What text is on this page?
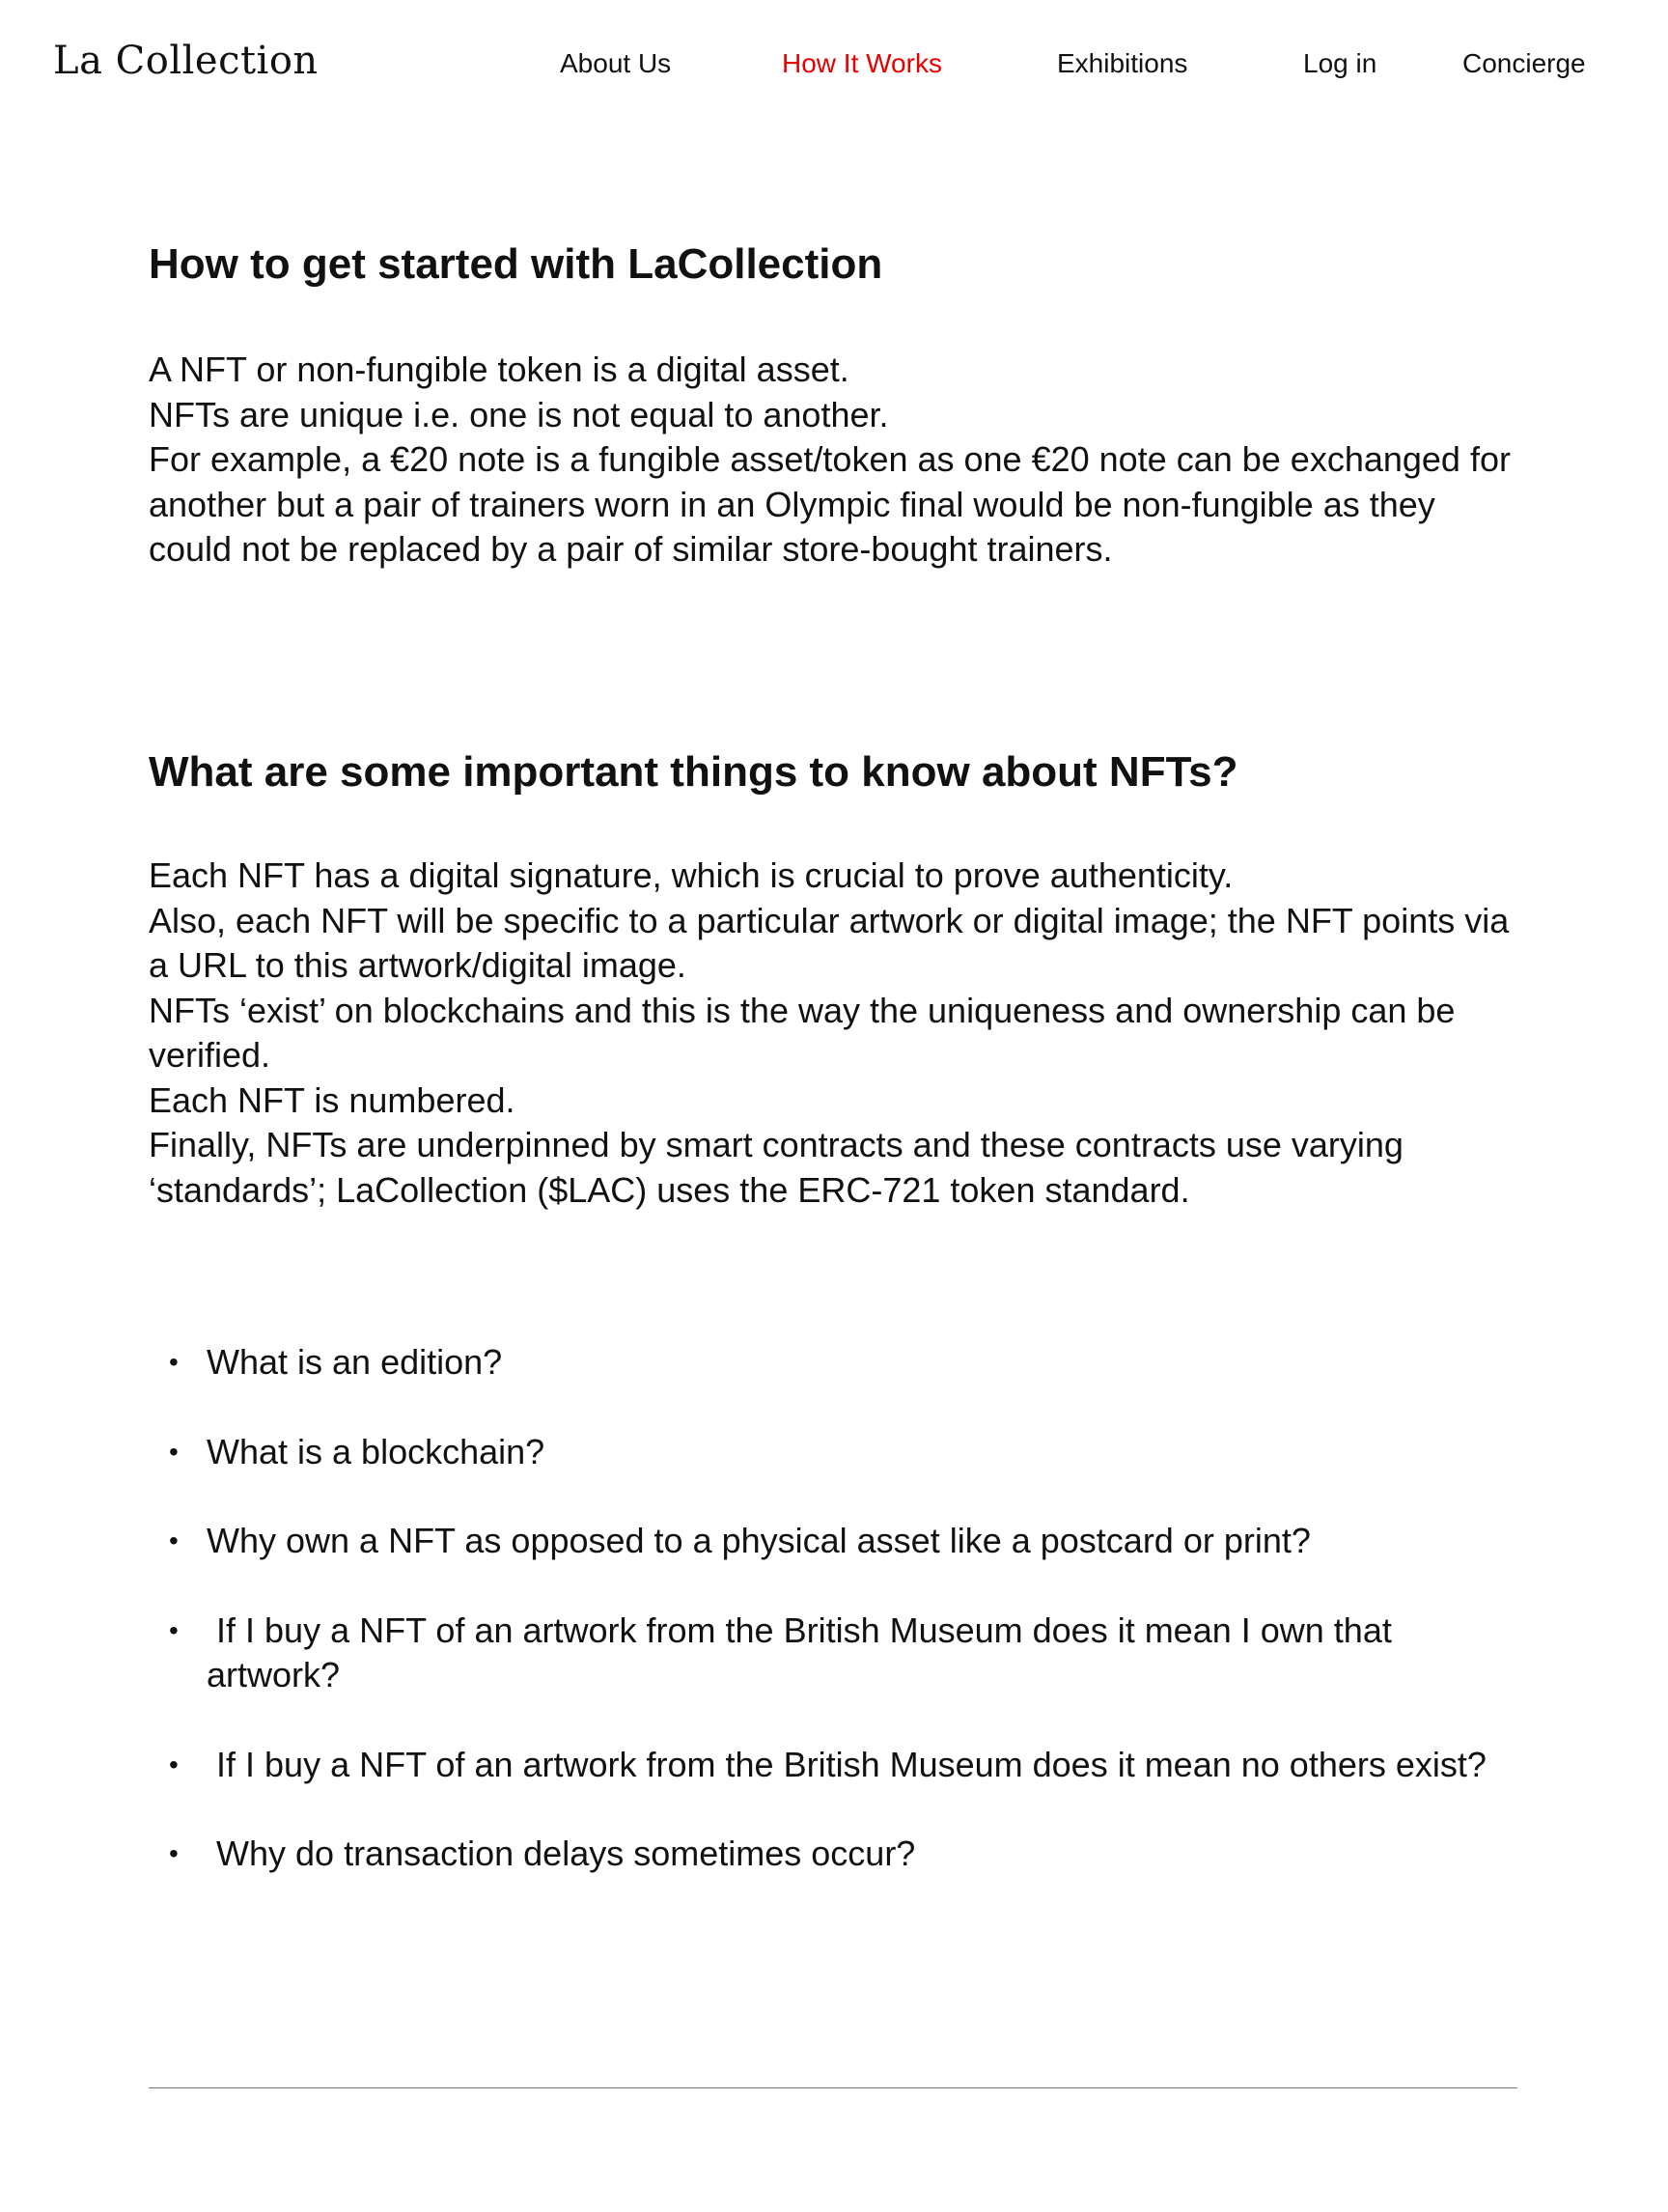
La Collection	About Us	How It Works	Exhibitions	Log in	Concierge
How to get started with LaCollection

A NFT or non-fungible token is a digital asset.
NFTs are unique i.e. one is not equal to another.
For example, a €20 note is a fungible asset/token as one €20 note can be exchanged for another but a pair of trainers worn in an Olympic final would be non-fungible as they could not be replaced by a pair of similar store-bought trainers.

What are some important things to know about NFTs?

Each NFT has a digital signature, which is crucial to prove authenticity.
Also, each NFT will be specific to a particular artwork or digital image; the NFT points via a URL to this artwork/digital image.
NFTs ‘exist’ on blockchains and this is the way the uniqueness and ownership can be verified.
Each NFT is numbered.
Finally, NFTs are underpinned by smart contracts and these contracts use varying ‘standards’; LaCollection ($LAC) uses the ERC-721 token standard.

• What is an edition?
• What is a blockchain?
• Why own a NFT as opposed to a physical asset like a postcard or print?
• If I buy a NFT of an artwork from the British Museum does it mean I own that artwork?
• If I buy a NFT of an artwork from the British Museum does it mean no others exist?
• Why do transaction delays sometimes occur?
